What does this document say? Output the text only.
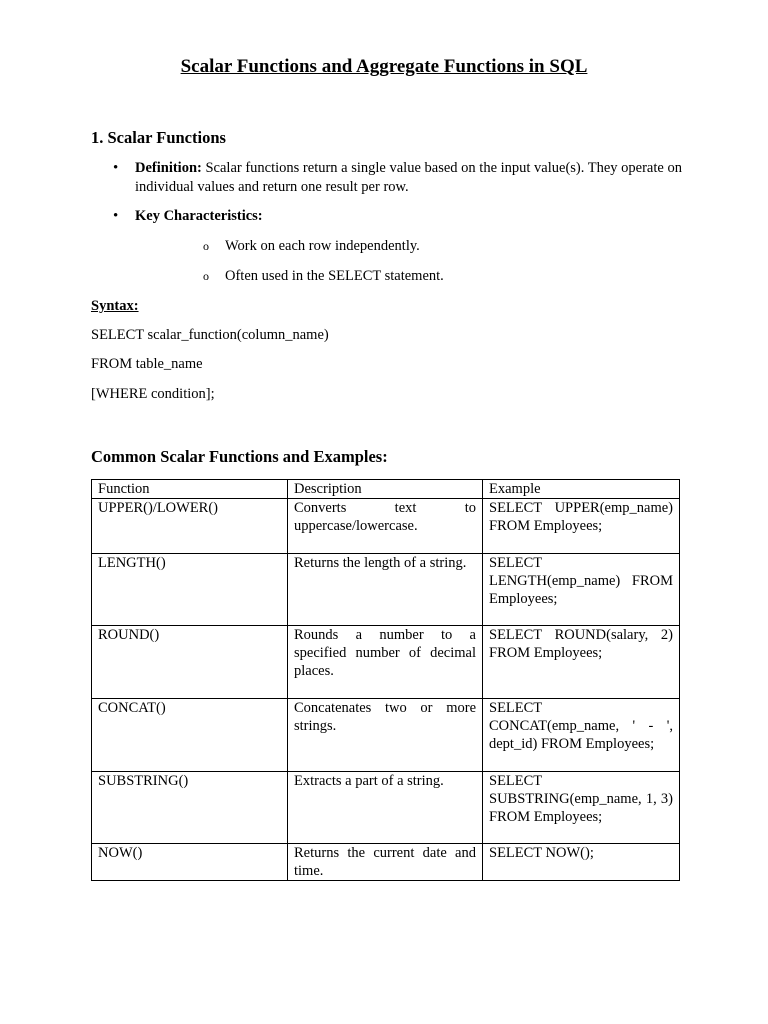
Scalar Functions and Aggregate Functions in SQL
1. Scalar Functions
• Definition: Scalar functions return a single value based on the input value(s). They operate on individual values and return one result per row.
• Key Characteristics:
o Work on each row independently.
o Often used in the SELECT statement.
Syntax:
SELECT scalar_function(column_name)
FROM table_name
[WHERE condition];
Common Scalar Functions and Examples:
Function	Description	Example
UPPER()/LOWER()	Converts text to uppercase/lowercase.	SELECT UPPER(emp_name) FROM Employees;
LENGTH()	Returns the length of a string.	SELECT LENGTH(emp_name) FROM Employees;
ROUND()	Rounds a number to a specified number of decimal places.	SELECT ROUND(salary, 2) FROM Employees;
CONCAT()	Concatenates two or more strings.	SELECT CONCAT(emp_name, ' - ', dept_id) FROM Employees;
SUBSTRING()	Extracts a part of a string.	SELECT SUBSTRING(emp_name, 1, 3) FROM Employees;
NOW()	Returns the current date and time.	SELECT NOW();
